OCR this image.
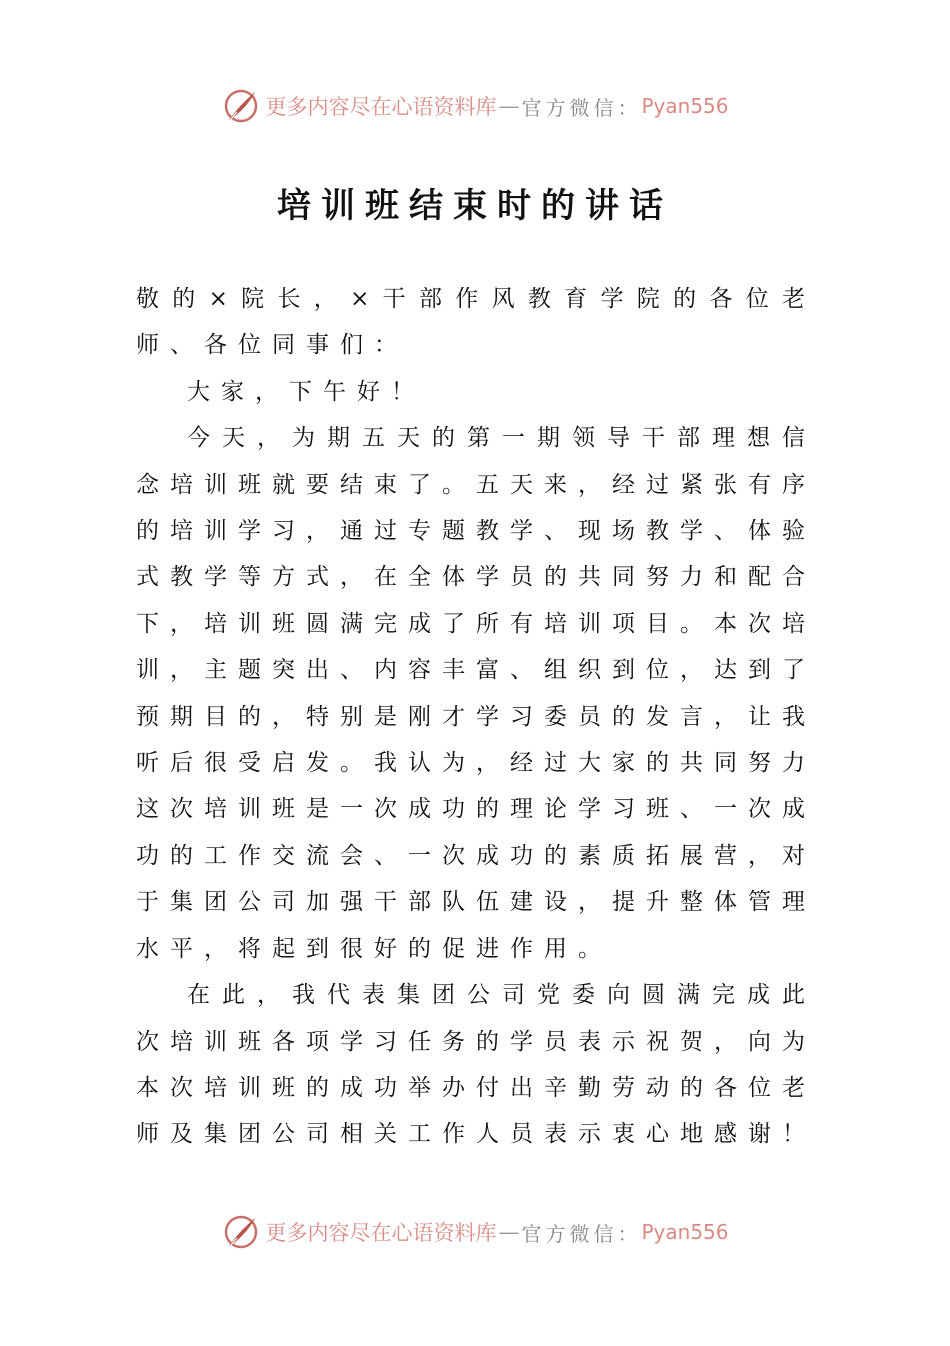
更多内容尽在心语资料库 — 官方微信： Pyan556
培训班结束时的讲话

敬的×院长，×干部作风教育学院的各位老师、各位同事们：

大家，下午好！

今天，为期五天的第一期领导干部理想信念培训班就要结束了。五天来，经过紧张有序的培训学习，通过专题教学、现场教学、体验式教学等方式，在全体学员的共同努力和配合下，培训班圆满完成了所有培训项目。本次培训，主题突出、内容丰富、组织到位，达到了预期目的，特别是刚才学习委员的发言，让我听后很受启发。我认为，经过大家的共同努力这次培训班是一次成功的理论学习班、一次成功的工作交流会、一次成功的素质拓展营，对于集团公司加强干部队伍建设，提升整体管理水平，将起到很好的促进作用。

在此，我代表集团公司党委向圆满完成此次培训班各项学习任务的学员表示祝贺，向为本次培训班的成功举办付出辛勤劳动的各位老师及集团公司相关工作人员表示衷心地感谢！

更多内容尽在心语资料库 — 官方微信： Pyan556
